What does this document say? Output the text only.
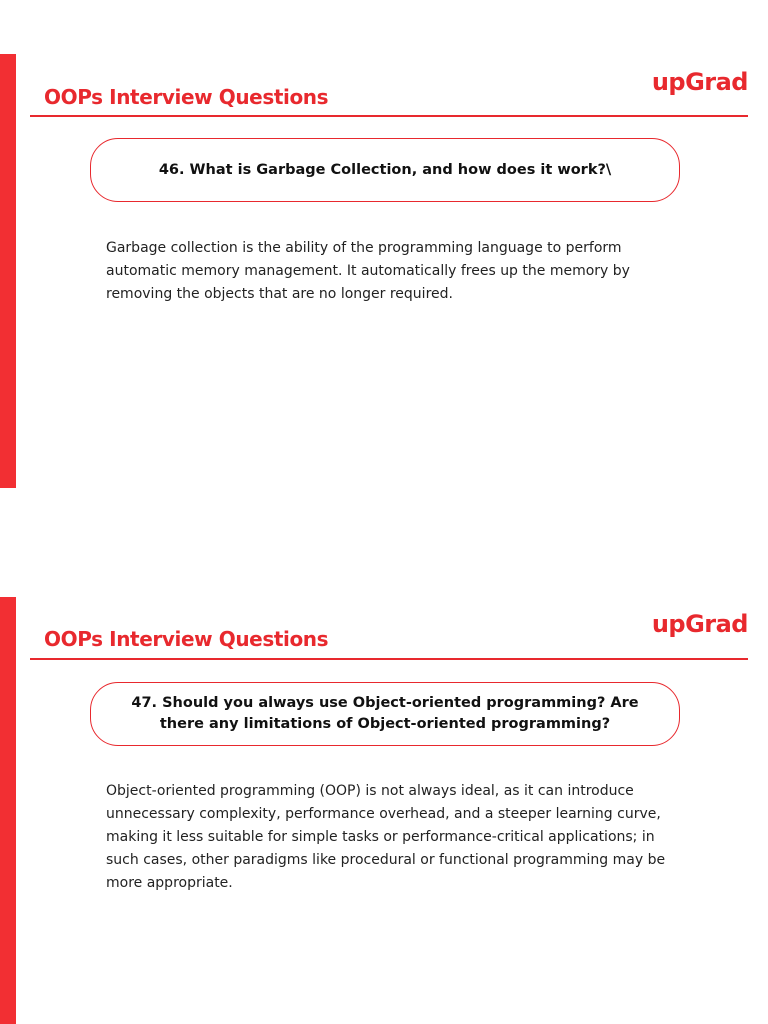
OOPs Interview Questions
upGrad
46. What is Garbage Collection, and how does it work?\
Garbage collection is the ability of the programming language to perform automatic memory management. It automatically frees up the memory by removing the objects that are no longer required.
OOPs Interview Questions
upGrad
47. Should you always use Object-oriented programming? Are there any limitations of Object-oriented programming?
Object-oriented programming (OOP) is not always ideal, as it can introduce unnecessary complexity, performance overhead, and a steeper learning curve, making it less suitable for simple tasks or performance-critical applications; in such cases, other paradigms like procedural or functional programming may be more appropriate.
